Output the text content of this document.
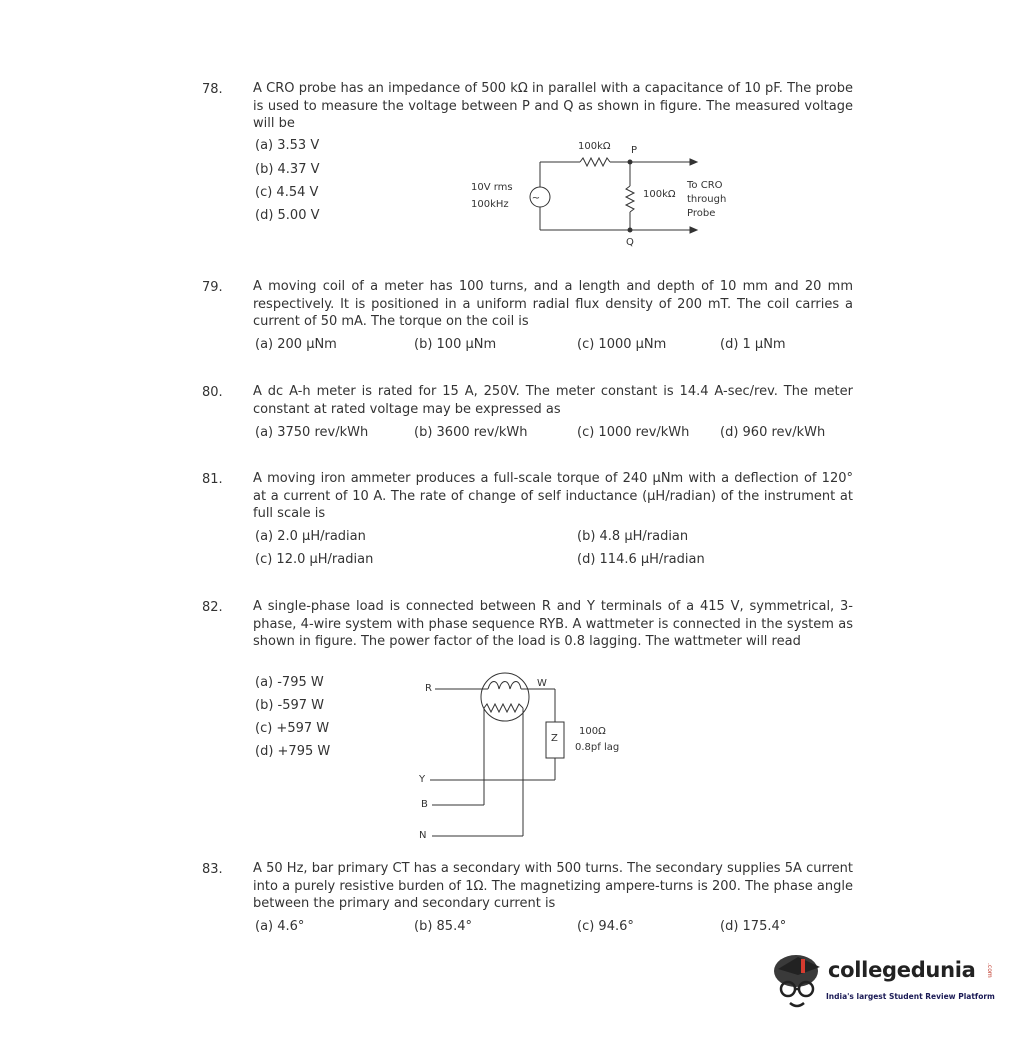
78. A CRO probe has an impedance of 500 kΩ in parallel with a capacitance of 10 pF. The probe is used to measure the voltage between P and Q as shown in figure. The measured voltage will be
(a) 3.53 V
(b) 4.37 V
(c) 4.54 V
(d) 5.00 V
~
100kΩ P
10V rms
100kHz
100kΩ
To CRO
through
Probe
Q
79. A moving coil of a meter has 100 turns, and a length and depth of 10 mm and 20 mm respectively. It is positioned in a uniform radial flux density of 200 mT. The coil carries a current of 50 mA. The torque on the coil is
(a) 200 μNm	(b) 100 μNm	(c) 1000 μNm	(d) 1 μNm
80. A dc A-h meter is rated for 15 A, 250V. The meter constant is 14.4 A-sec/rev. The meter constant at rated voltage may be expressed as
(a) 3750 rev/kWh	(b) 3600 rev/kWh	(c) 1000 rev/kWh (d) 960 rev/kWh
81. A moving iron ammeter produces a full-scale torque of 240 μNm with a deflection of 120° at a current of 10 A. The rate of change of self inductance (μH/radian) of the instrument at full scale is
(a) 2.0 μH/radian	(b) 4.8 μH/radian
(c) 12.0 μH/radian	(d) 114.6 μH/radian
82. A single-phase load is connected between R and Y terminals of a 415 V, symmetrical, 3-phase, 4-wire system with phase sequence RYB. A wattmeter is connected in the system as shown in figure. The power factor of the load is 0.8 lagging. The wattmeter will read
(a) -795 W
(b) -597 W
(c) +597 W
(d) +795 W
R	W
Z
100Ω
0.8pf lag
Y
B
N
83. A 50 Hz, bar primary CT has a secondary with 500 turns. The secondary supplies 5A current into a purely resistive burden of 1Ω. The magnetizing ampere-turns is 200. The phase angle between the primary and secondary current is
(a) 4.6°	(b) 85.4°	(c) 94.6°	(d) 175.4°
collegedunia .com
India's largest Student Review Platform
